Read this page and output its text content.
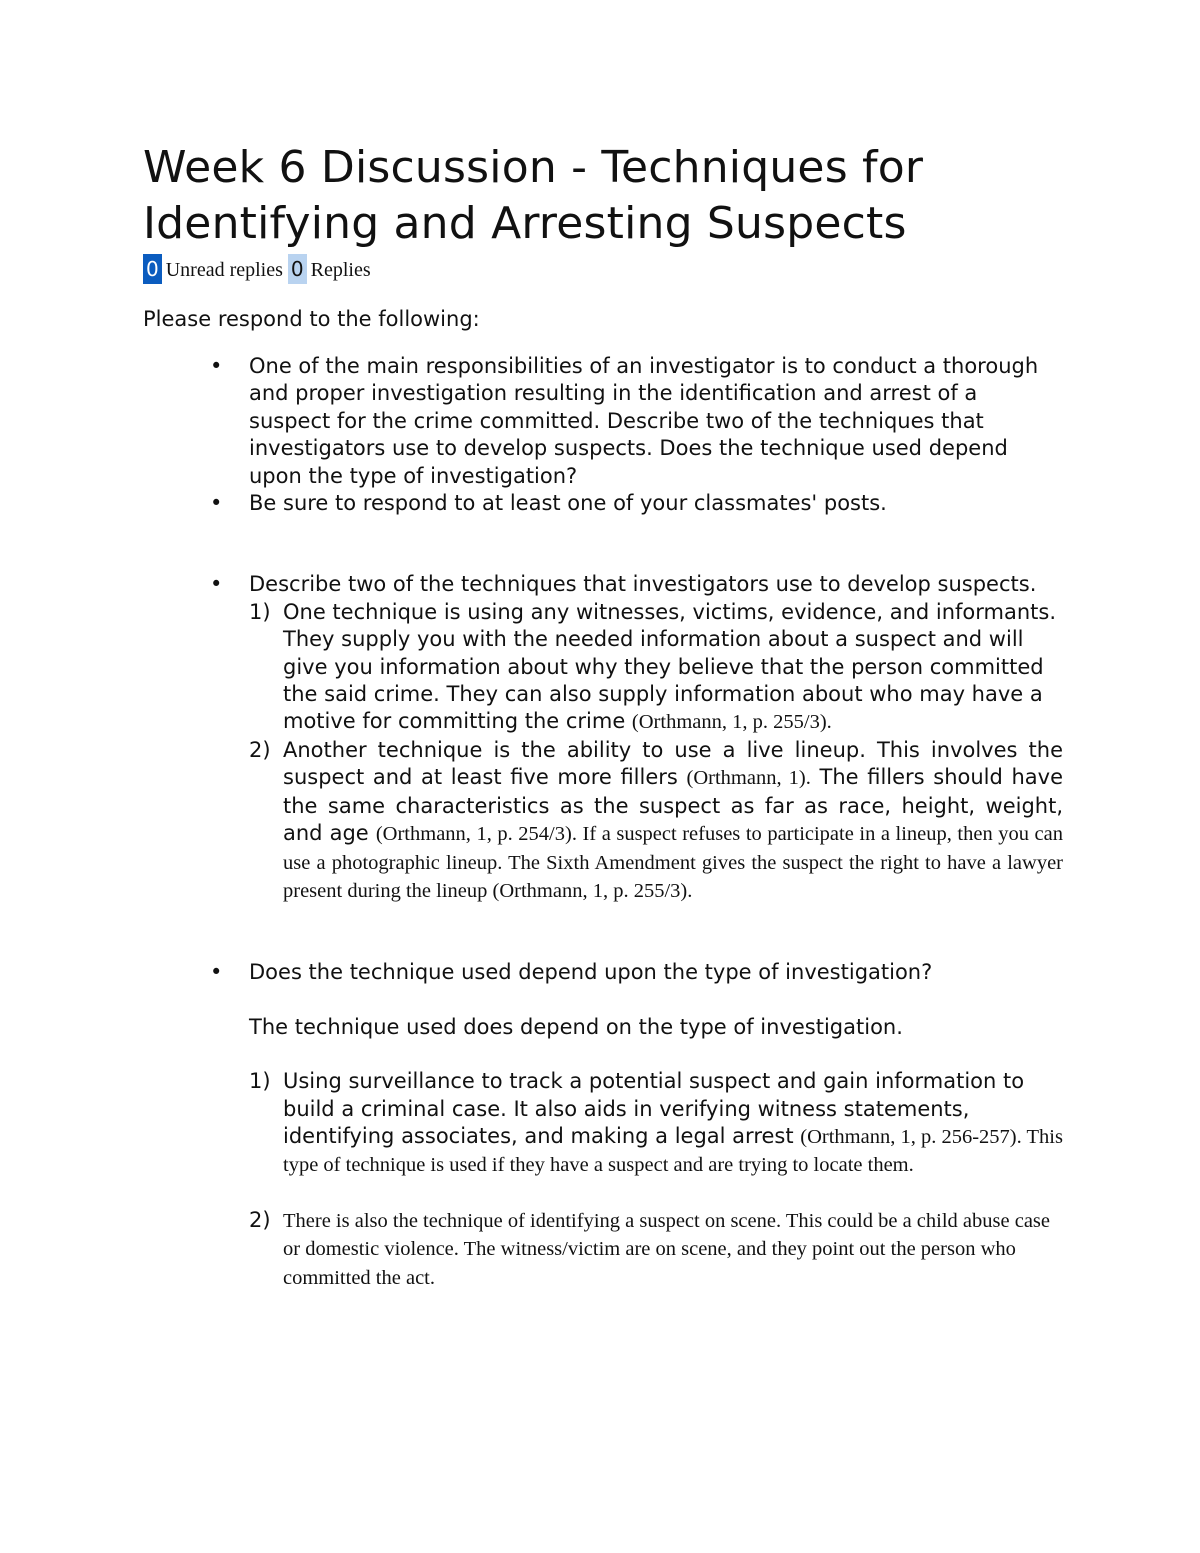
Week 6 Discussion - Techniques for
Identifying and Arresting Suspects
0 Unread replies 0 Replies
Please respond to the following:
• One of the main responsibilities of an investigator is to conduct a thorough and proper investigation resulting in the identification and arrest of a suspect for the crime committed. Describe two of the techniques that investigators use to develop suspects. Does the technique used depend upon the type of investigation?
• Be sure to respond to at least one of your classmates' posts.
• Describe two of the techniques that investigators use to develop suspects.
1) One technique is using any witnesses, victims, evidence, and informants. They supply you with the needed information about a suspect and will give you information about why they believe that the person committed the said crime. They can also supply information about who may have a motive for committing the crime (Orthmann, 1, p. 255/3).
2) Another technique is the ability to use a live lineup. This involves the suspect and at least five more fillers (Orthmann, 1). The fillers should have the same characteristics as the suspect as far as race, height, weight, and age (Orthmann, 1, p. 254/3). If a suspect refuses to participate in a lineup, then you can use a photographic lineup. The Sixth Amendment gives the suspect the right to have a lawyer present during the lineup (Orthmann, 1, p. 255/3).
• Does the technique used depend upon the type of investigation?
The technique used does depend on the type of investigation.
1) Using surveillance to track a potential suspect and gain information to build a criminal case. It also aids in verifying witness statements, identifying associates, and making a legal arrest (Orthmann, 1, p. 256-257). This type of technique is used if they have a suspect and are trying to locate them.
2) There is also the technique of identifying a suspect on scene. This could be a child abuse case or domestic violence. The witness/victim are on scene, and they point out the person who committed the act.
